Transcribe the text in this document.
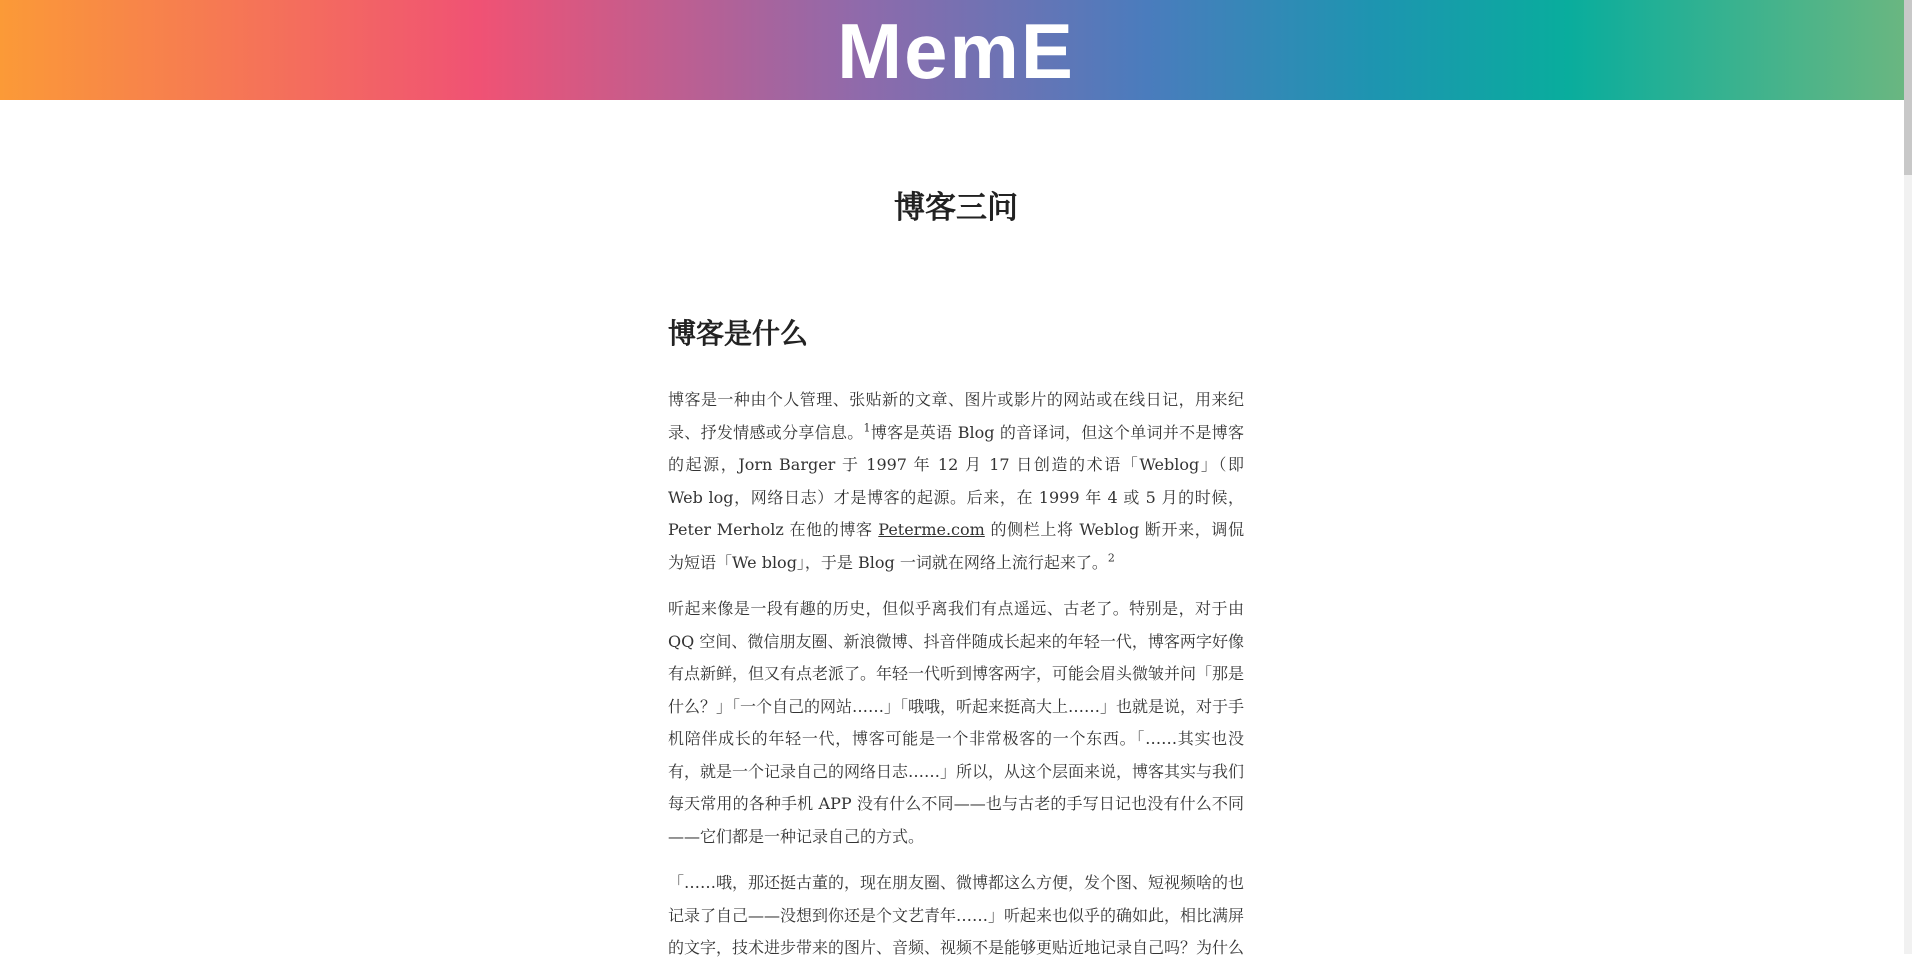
MemE
博客三问
博客是什么

博客是一种由个人管理、张贴新的文章、图片或影片的网站或在线日记，用来纪录、抒发情感或分享信息。$^1$博客是英语 Blog 的音译词，但这个单词并不是博客的起源，Jorn Barger 于 1997 年 12 月 17 日创造的术语「Weblog」（即 Web log，网络日志）才是博客的起源。后来，在 1999 年 4 或 5 月的时候，Peter Merholz 在他的博客 Peterme.com 的侧栏上将 Weblog 断开来，调侃为短语「We blog」，于是 Blog 一词就在网络上流行起来了。$^2$

听起来像是一段有趣的历史，但似乎离我们有点遥远、古老了。特别是，对于由 QQ 空间、微信朋友圈、新浪微博、抖音伴随成长起来的年轻一代，博客两字好像有点新鲜，但又有点老派了。年轻一代听到博客两字，可能会眉头微皱并问「那是什么？」「一个自己的网站……」「哦哦，听起来挺高大上……」也就是说，对于手机陪伴成长的年轻一代，博客可能是一个非常极客的一个东西。「……其实也没有，就是一个记录自己的网络日志……」所以，从这个层面来说，博客其实与我们每天常用的各种手机 APP 没有什么不同——也与古老的手写日记也没有什么不同——它们都是一种记录自己的方式。

「……哦，那还挺古董的，现在朋友圈、微博都这么方便，发个图、短视频啥的也记录了自己——没想到你还是个文艺青年……」听起来也似乎的确如此，相比满屏的文字，技术进步带来的图片、音频、视频不是能够更贴近地记录自己吗？为什么
